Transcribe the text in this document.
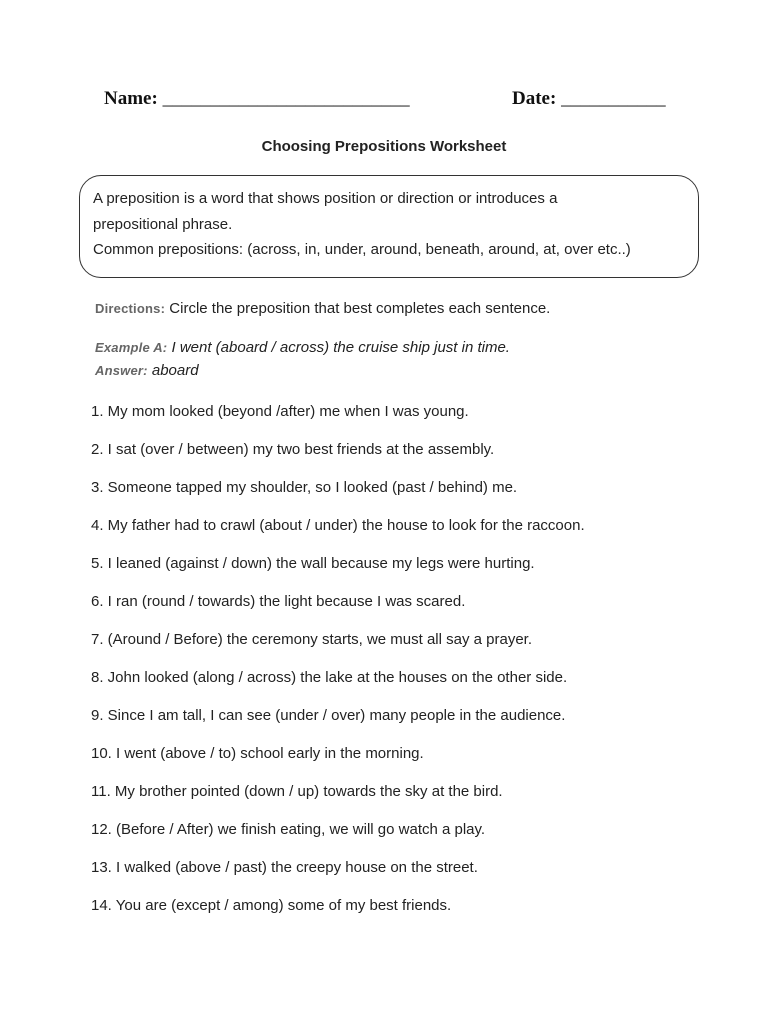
Name: __________________________	Date: ___________
Choosing Prepositions Worksheet
A preposition is a word that shows position or direction or introduces a
prepositional phrase.
Common prepositions: (across, in, under, around, beneath, around, at, over etc..)
Directions: Circle the preposition that best completes each sentence.
Example A: I went (aboard / across) the cruise ship just in time.
Answer: aboard
1. My mom looked (beyond /after) me when I was young.
2. I sat (over / between) my two best friends at the assembly.
3. Someone tapped my shoulder, so I looked (past / behind) me.
4. My father had to crawl (about / under) the house to look for the raccoon.
5. I leaned (against / down) the wall because my legs were hurting.
6. I ran (round / towards) the light because I was scared.
7. (Around / Before) the ceremony starts, we must all say a prayer.
8. John looked (along / across) the lake at the houses on the other side.
9. Since I am tall, I can see (under / over) many people in the audience.
10. I went (above / to) school early in the morning.
11. My brother pointed (down / up) towards the sky at the bird.
12. (Before / After) we finish eating, we will go watch a play.
13. I walked (above / past) the creepy house on the street.
14. You are (except / among) some of my best friends.
